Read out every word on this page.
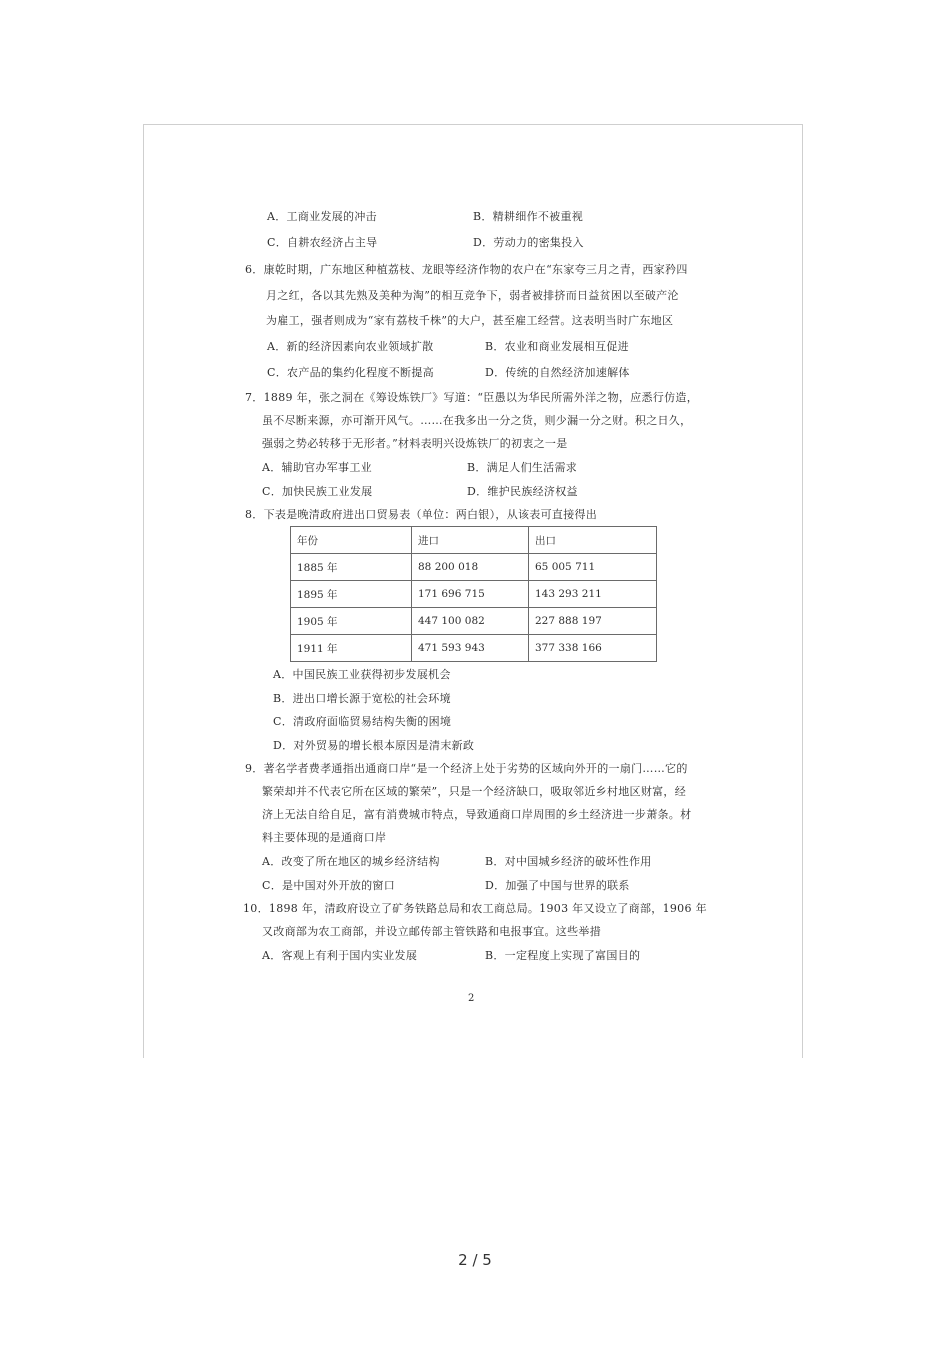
A．工商业发展的冲击	B．精耕细作不被重视
C．自耕农经济占主导	D．劳动力的密集投入
6．康乾时期，广东地区种植荔枝、龙眼等经济作物的农户在“东家夸三月之青，西家矜四
月之红，各以其先熟及美种为淘”的相互竞争下，弱者被排挤而日益贫困以至破产沦
为雇工，强者则成为“家有荔枝千株”的大户，甚至雇工经营。这表明当时广东地区
A．新的经济因素向农业领域扩散	B．农业和商业发展相互促进
C．农产品的集约化程度不断提高	D．传统的自然经济加速解体
7．1889 年，张之洞在《筹设炼铁厂》写道：“臣愚以为华民所需外洋之物，应悉行仿造，
虽不尽断来源，亦可渐开风气。……在我多出一分之货，则少漏一分之财。积之日久，
强弱之势必转移于无形者。”材料表明兴设炼铁厂的初衷之一是
A．辅助官办军事工业	B．满足人们生活需求
C．加快民族工业发展	D．维护民族经济权益
8．下表是晚清政府进出口贸易表（单位：两白银），从该表可直接得出
年份	进口	出口
1885 年	88 200 018	65 005 711
1895 年	171 696 715	143 293 211
1905 年	447 100 082	227 888 197
1911 年	471 593 943	377 338 166
A．中国民族工业获得初步发展机会
B．进出口增长源于宽松的社会环境
C．清政府面临贸易结构失衡的困境
D．对外贸易的增长根本原因是清末新政
9．著名学者费孝通指出通商口岸“是一个经济上处于劣势的区域向外开的一扇门……它的
繁荣却并不代表它所在区域的繁荣”，只是一个经济缺口，吸取邻近乡村地区财富，经
济上无法自给自足，富有消费城市特点，导致通商口岸周围的乡土经济进一步萧条。材
料主要体现的是通商口岸
A．改变了所在地区的城乡经济结构	B．对中国城乡经济的破坏性作用
C．是中国对外开放的窗口	D．加强了中国与世界的联系
10．1898 年，清政府设立了矿务铁路总局和农工商总局。1903 年又设立了商部，1906 年
又改商部为农工商部，并设立邮传部主管铁路和电报事宜。这些举措
A．客观上有利于国内实业发展	B．一定程度上实现了富国目的
2
2 / 5
